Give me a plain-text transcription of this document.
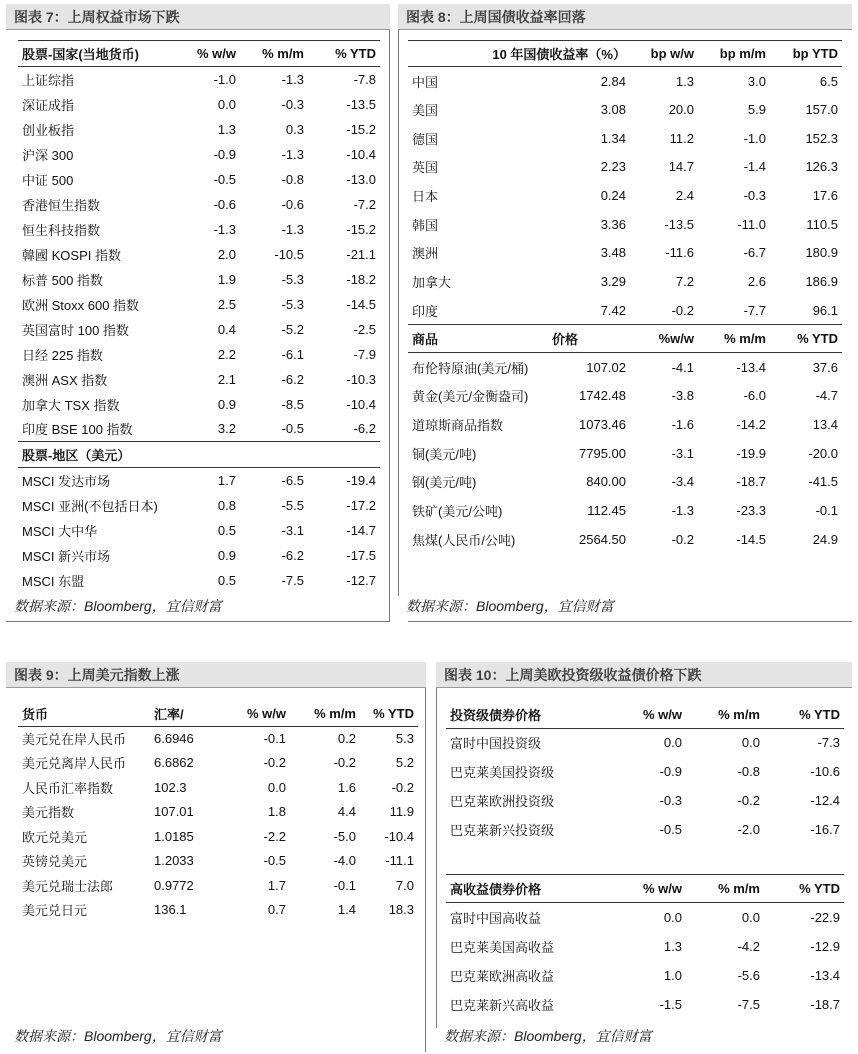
图表 7：上周权益市场下跌
股票-国家(当地货币)	% w/w	% m/m	% YTD
上证综指	-1.0	-1.3	-7.8
深证成指	0.0	-0.3	-13.5
创业板指	1.3	0.3	-15.2
沪深 300	-0.9	-1.3	-10.4
中证 500	-0.5	-0.8	-13.0
香港恒生指数	-0.6	-0.6	-7.2
恒生科技指数	-1.3	-1.3	-15.2
韓國 KOSPI 指数	2.0	-10.5	-21.1
标普 500 指数	1.9	-5.3	-18.2
欧洲 Stoxx 600 指数	2.5	-5.3	-14.5
英国富时 100 指数	0.4	-5.2	-2.5
日经 225 指数	2.2	-6.1	-7.9
澳洲 ASX 指数	2.1	-6.2	-10.3
加拿大 TSX 指数	0.9	-8.5	-10.4
印度 BSE 100 指数	3.2	-0.5	-6.2
股票-地区（美元）			
MSCI 发达市场	1.7	-6.5	-19.4
MSCI 亚洲(不包括日本)	0.8	-5.5	-17.2
MSCI 大中华	0.5	-3.1	-14.7
MSCI 新兴市场	0.9	-6.2	-17.5
MSCI 东盟	0.5	-7.5	-12.7
数据来源：Bloomberg，宜信财富
图表 8：上周国债收益率回落
10 年国债收益率（%）		bp w/w	bp m/m	bp YTD
中国	2.84	1.3	3.0	6.5
美国	3.08	20.0	5.9	157.0
德国	1.34	11.2	-1.0	152.3
英国	2.23	14.7	-1.4	126.3
日本	0.24	2.4	-0.3	17.6
韩国	3.36	-13.5	-11.0	110.5
澳洲	3.48	-11.6	-6.7	180.9
加拿大	3.29	7.2	2.6	186.9
印度	7.42	-0.2	-7.7	96.1
商品	价格	%w/w	% m/m	% YTD
布伦特原油(美元/桶)	107.02	-4.1	-13.4	37.6
黄金(美元/金衡盎司)	1742.48	-3.8	-6.0	-4.7
道琼斯商品指数	1073.46	-1.6	-14.2	13.4
铜(美元/吨)	7795.00	-3.1	-19.9	-20.0
钢(美元/吨)	840.00	-3.4	-18.7	-41.5
铁矿(美元/公吨)	112.45	-1.3	-23.3	-0.1
焦煤(人民币/公吨)	2564.50	-0.2	-14.5	24.9
数据来源：Bloomberg，宜信财富
图表 9：上周美元指数上涨
货币	汇率/	% w/w	% m/m	% YTD
美元兑在岸人民币	6.6946	-0.1	0.2	5.3
美元兑离岸人民币	6.6862	-0.2	-0.2	5.2
人民币汇率指数	102.3	0.0	1.6	-0.2
美元指数	107.01	1.8	4.4	11.9
欧元兑美元	1.0185	-2.2	-5.0	-10.4
英镑兑美元	1.2033	-0.5	-4.0	-11.1
美元兑瑞士法郎	0.9772	1.7	-0.1	7.0
美元兑日元	136.1	0.7	1.4	18.3
数据来源：Bloomberg，宜信财富
图表 10：上周美欧投资级收益债价格下跌
投资级债券价格	% w/w	% m/m	% YTD
富时中国投资级	0.0	0.0	-7.3
巴克莱美国投资级	-0.9	-0.8	-10.6
巴克莱欧洲投资级	-0.3	-0.2	-12.4
巴克莱新兴投资级	-0.5	-2.0	-16.7
高收益债券价格	% w/w	% m/m	% YTD
富时中国高收益	0.0	0.0	-22.9
巴克莱美国高收益	1.3	-4.2	-12.9
巴克莱欧洲高收益	1.0	-5.6	-13.4
巴克莱新兴高收益	-1.5	-7.5	-18.7
数据来源：Bloomberg，宜信财富
